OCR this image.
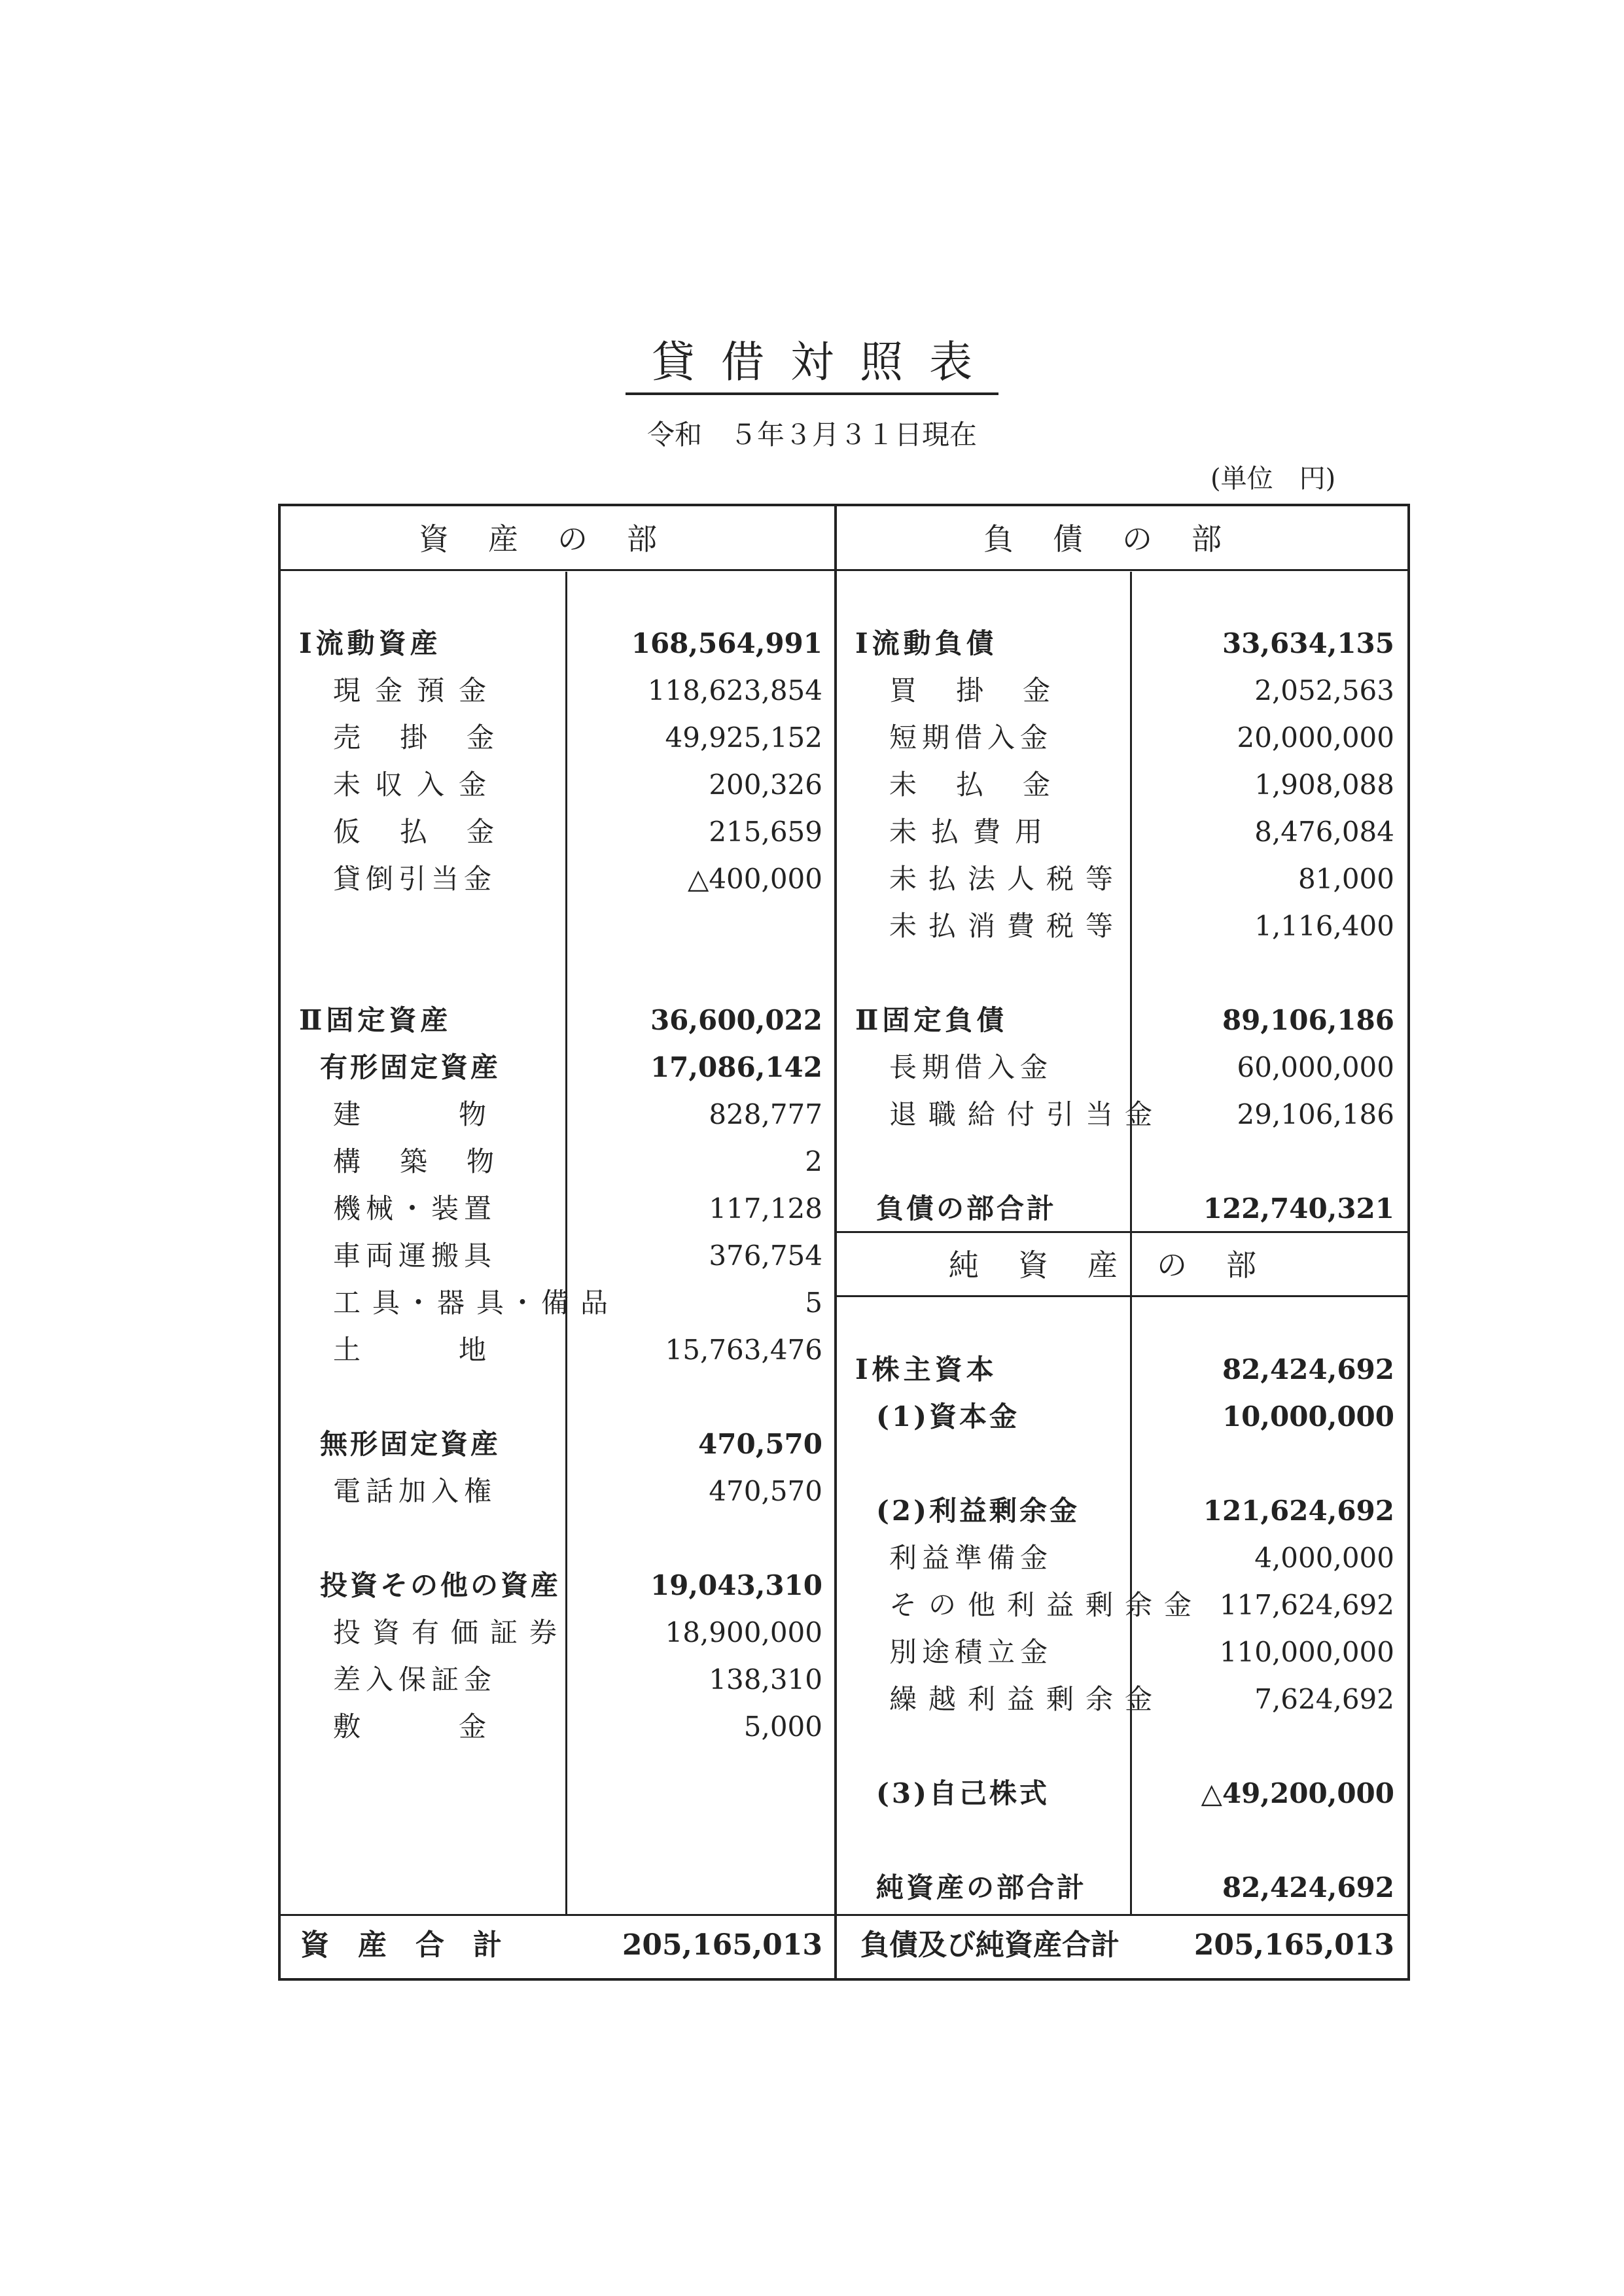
貸借対照表
令和　５年３月３１日現在
(単位　円)
資産の部	負債の部
純資産の部
Ⅰ流動資産	168,564,991
現金預金	118,623,854
売掛金	49,925,152
未収入金	200,326
仮払金	215,659
貸倒引当金	△400,000
Ⅱ固定資産	36,600,022
有形固定資産	17,086,142
建物	828,777
構築物	2
機械・装置	117,128
車両運搬具	376,754
工具･器具･備品	5
土地	15,763,476
無形固定資産	470,570
電話加入権	470,570
投資その他の資産	19,043,310
投資有価証券	18,900,000
差入保証金	138,310
敷金	5,000
Ⅰ流動負債	33,634,135
買掛金	2,052,563
短期借入金	20,000,000
未払金	1,908,088
未払費用	8,476,084
未払法人税等	81,000
未払消費税等	1,116,400
Ⅱ固定負債	89,106,186
長期借入金	60,000,000
退職給付引当金	29,106,186
負債の部合計	122,740,321
Ⅰ株主資本	82,424,692
(1)資本金	10,000,000
(2)利益剰余金	121,624,692
利益準備金	4,000,000
その他利益剰余金 117,624,692
別途積立金	110,000,000
繰越利益剰余金	7,624,692
(3)自己株式	△49,200,000
純資産の部合計	82,424,692
資産合計	205,165,013 負債及び純資産合計	205,165,013
